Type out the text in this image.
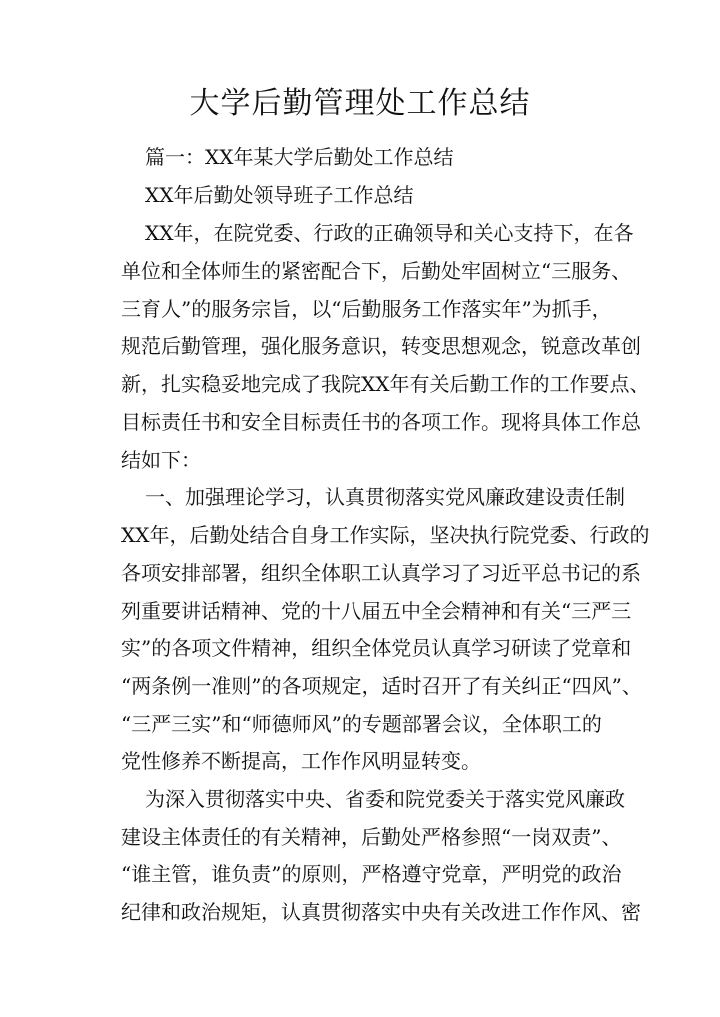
大学后勤管理处工作总结
篇一：XX年某大学后勤处工作总结
XX年后勤处领导班子工作总结
XX年，在院党委、行政的正确领导和关心支持下，在各
单位和全体师生的紧密配合下，后勤处牢固树立“三服务、
三育人”的服务宗旨，以“后勤服务工作落实年”为抓手，
规范后勤管理，强化服务意识，转变思想观念，锐意改革创
新，扎实稳妥地完成了我院XX年有关后勤工作的工作要点、
目标责任书和安全目标责任书的各项工作。现将具体工作总
结如下：
一、加强理论学习，认真贯彻落实党风廉政建设责任制
XX年，后勤处结合自身工作实际，坚决执行院党委、行政的
各项安排部署，组织全体职工认真学习了习近平总书记的系
列重要讲话精神、党的十八届五中全会精神和有关“三严三
实”的各项文件精神，组织全体党员认真学习研读了党章和
“两条例一准则”的各项规定，适时召开了有关纠正“四风”、
“三严三实”和“师德师风”的专题部署会议，全体职工的
党性修养不断提高，工作作风明显转变。
为深入贯彻落实中央、省委和院党委关于落实党风廉政
建设主体责任的有关精神，后勤处严格参照“一岗双责”、
“谁主管，谁负责”的原则，严格遵守党章，严明党的政治
纪律和政治规矩，认真贯彻落实中央有关改进工作作风、密
